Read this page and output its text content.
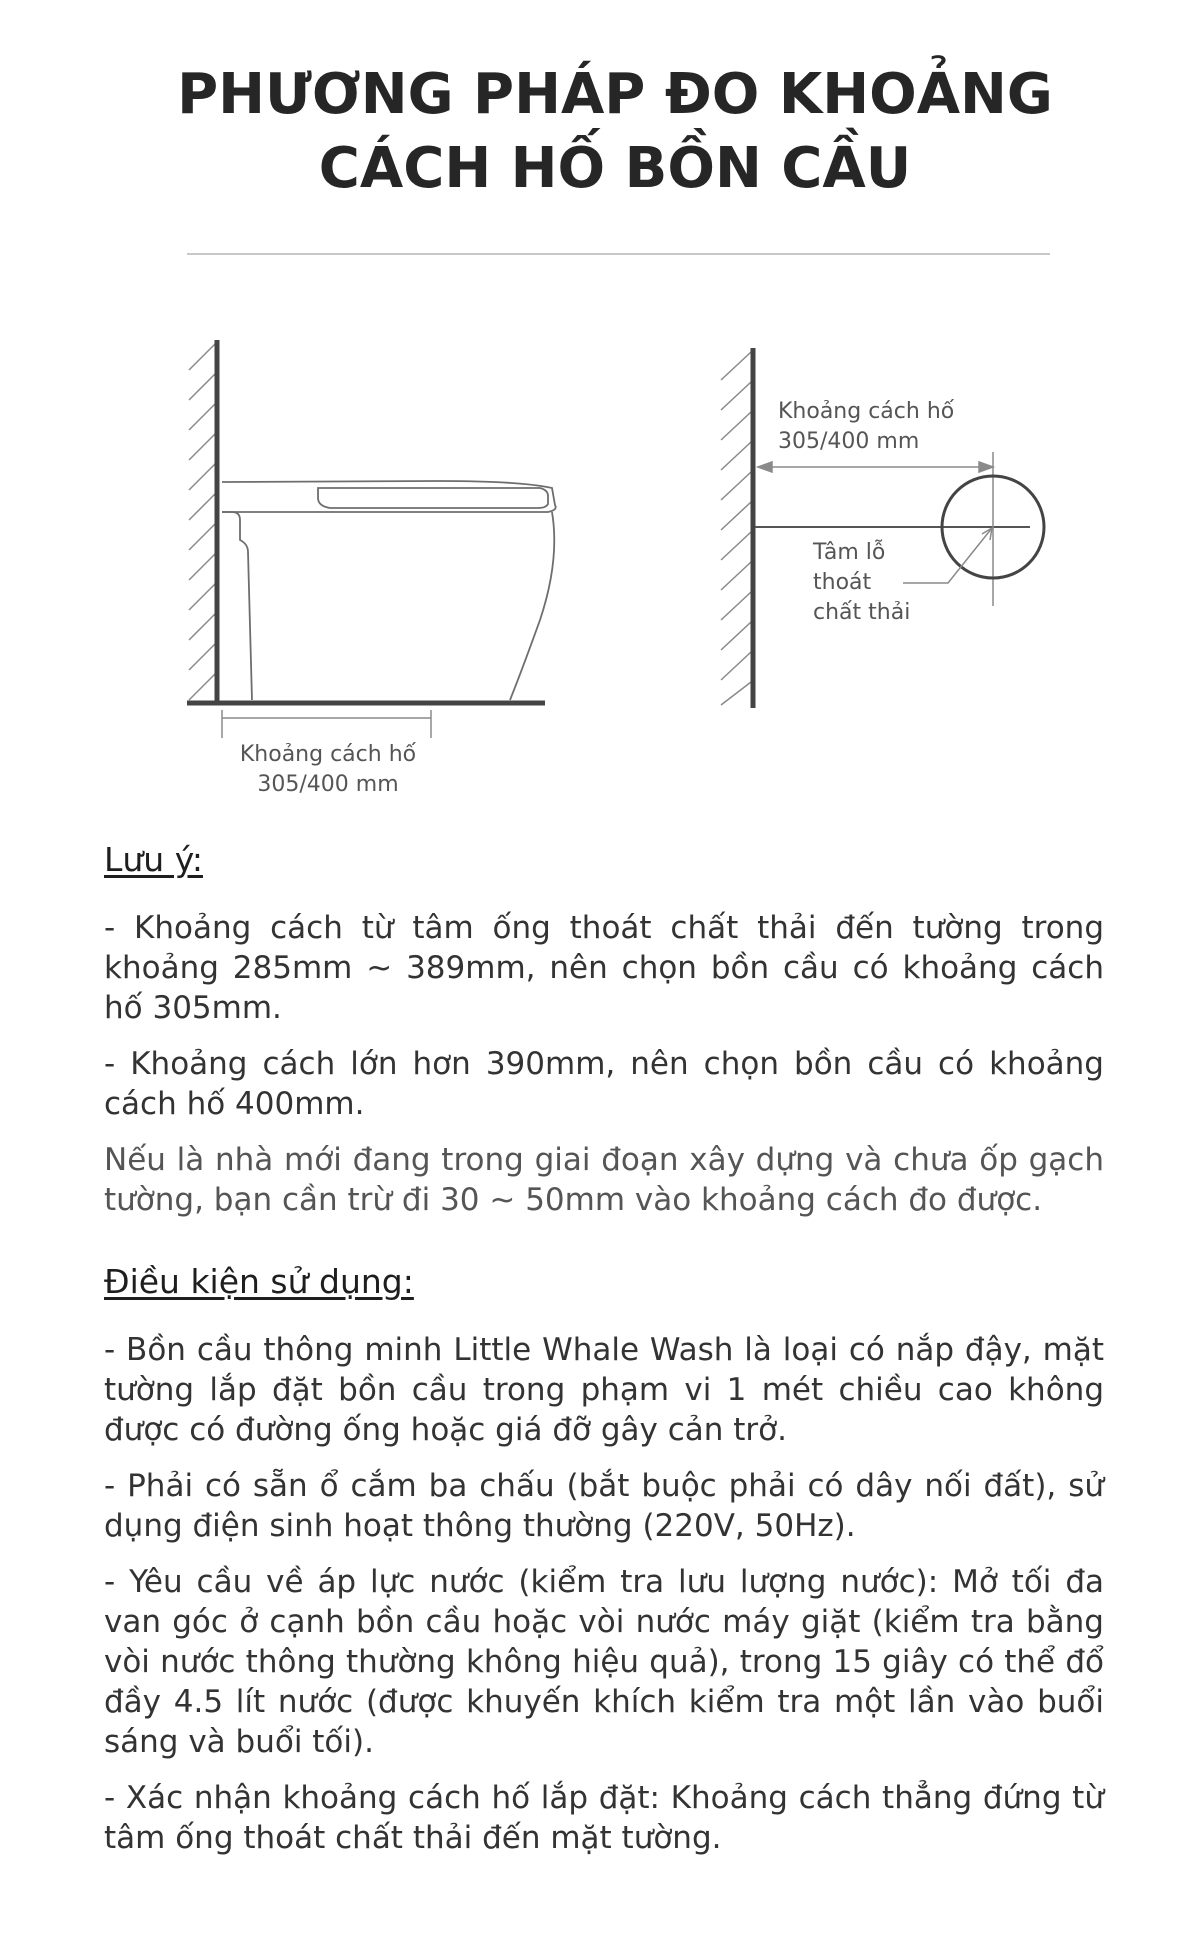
PHƯƠNG PHÁP ĐO KHOẢNG
CÁCH HỐ BỒN CẦU
Khoảng cách hố
305/400 mm
Khoảng cách hố
305/400 mm
Tâm lỗ
thoát
chất thải
Lưu ý:
- Khoảng cách từ tâm ống thoát chất thải đến tường trong khoảng 285mm ~ 389mm, nên chọn bồn cầu có khoảng cách hố 305mm.
- Khoảng cách lớn hơn 390mm, nên chọn bồn cầu có khoảng cách hố 400mm.
Nếu là nhà mới đang trong giai đoạn xây dựng và chưa ốp gạch tường, bạn cần trừ đi 30 ~ 50mm vào khoảng cách đo được.
Điều kiện sử dụng:
- Bồn cầu thông minh Little Whale Wash là loại có nắp đậy, mặt tường lắp đặt bồn cầu trong phạm vi 1 mét chiều cao không được có đường ống hoặc giá đỡ gây cản trở.
- Phải có sẵn ổ cắm ba chấu (bắt buộc phải có dây nối đất), sử dụng điện sinh hoạt thông thường (220V, 50Hz).
- Yêu cầu về áp lực nước (kiểm tra lưu lượng nước): Mở tối đa van góc ở cạnh bồn cầu hoặc vòi nước máy giặt (kiểm tra bằng vòi nước thông thường không hiệu quả), trong 15 giây có thể đổ đầy 4.5 lít nước (được khuyến khích kiểm tra một lần vào buổi sáng và buổi tối).
- Xác nhận khoảng cách hố lắp đặt: Khoảng cách thẳng đứng từ tâm ống thoát chất thải đến mặt tường.
